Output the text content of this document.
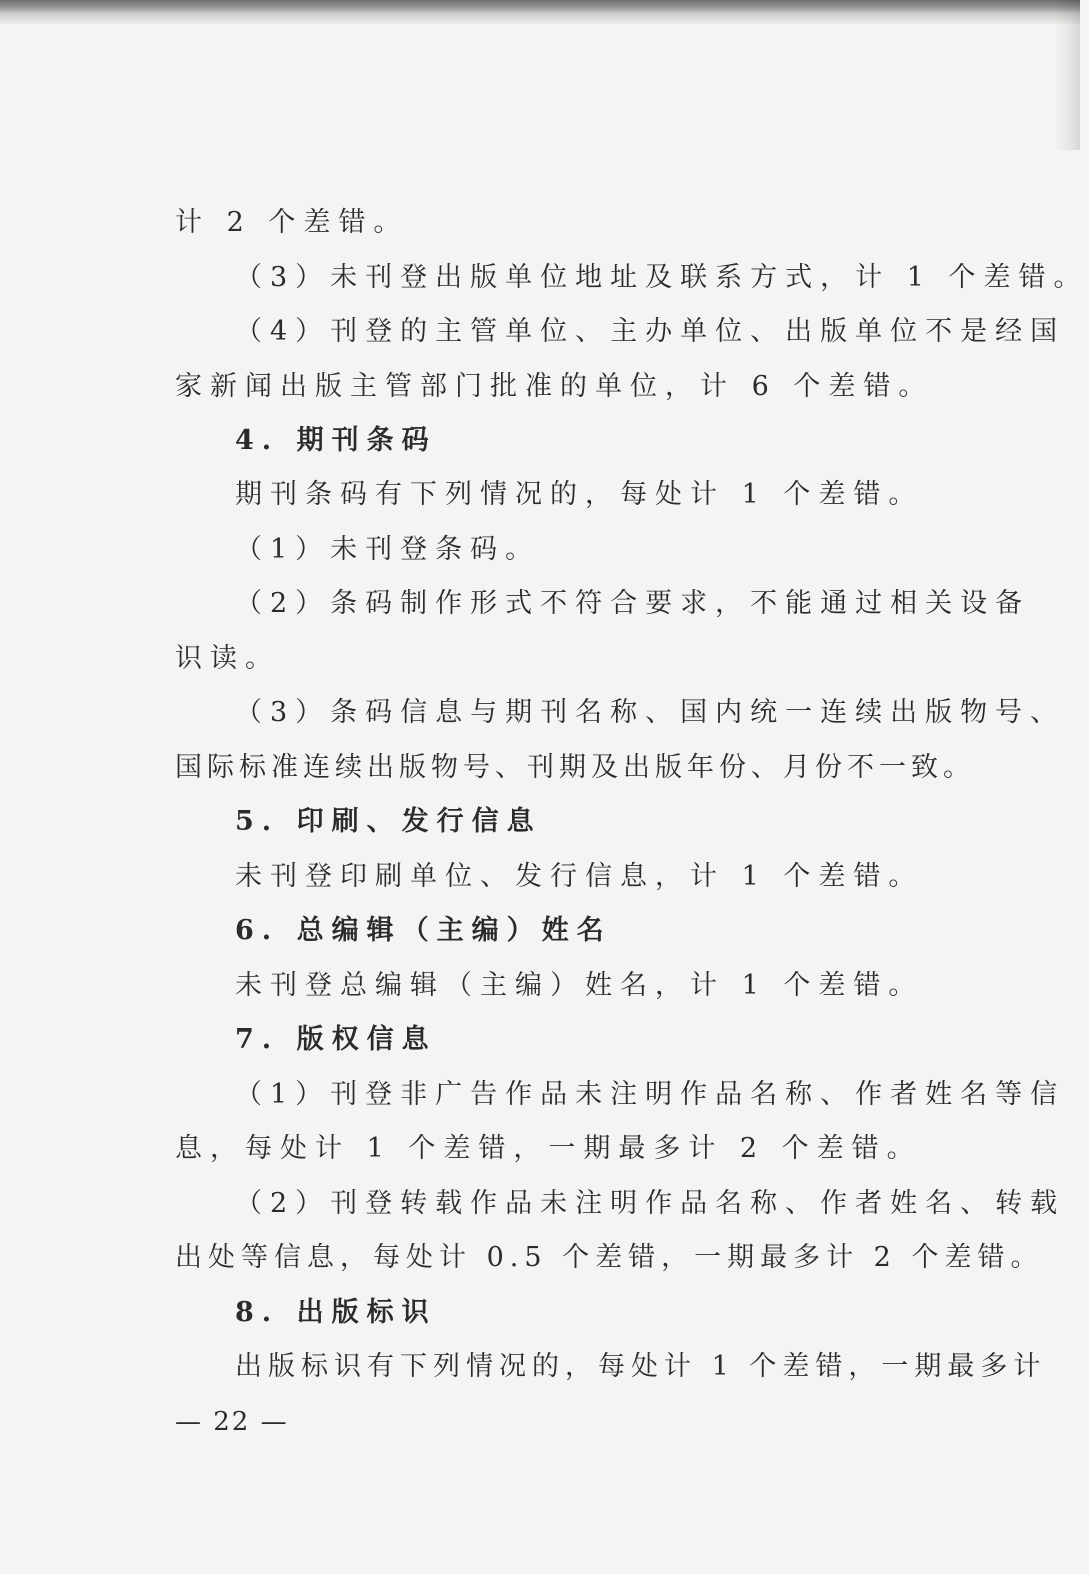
计 2 个差错。
（3）未刊登出版单位地址及联系方式，计 1 个差错。
（4）刊登的主管单位、主办单位、出版单位不是经国
家新闻出版主管部门批准的单位，计 6 个差错。
4. 期刊条码
期刊条码有下列情况的，每处计 1 个差错。
（1）未刊登条码。
（2）条码制作形式不符合要求，不能通过相关设备
识读。
（3）条码信息与期刊名称、国内统一连续出版物号、
国际标准连续出版物号、刊期及出版年份、月份不一致。
5. 印刷、发行信息
未刊登印刷单位、发行信息，计 1 个差错。
6. 总编辑（主编）姓名
未刊登总编辑（主编）姓名，计 1 个差错。
7. 版权信息
（1）刊登非广告作品未注明作品名称、作者姓名等信
息，每处计 1 个差错，一期最多计 2 个差错。
（2）刊登转载作品未注明作品名称、作者姓名、转载
出处等信息，每处计 0.5 个差错，一期最多计 2 个差错。
8. 出版标识
出版标识有下列情况的，每处计 1 个差错，一期最多计
— 22 —
